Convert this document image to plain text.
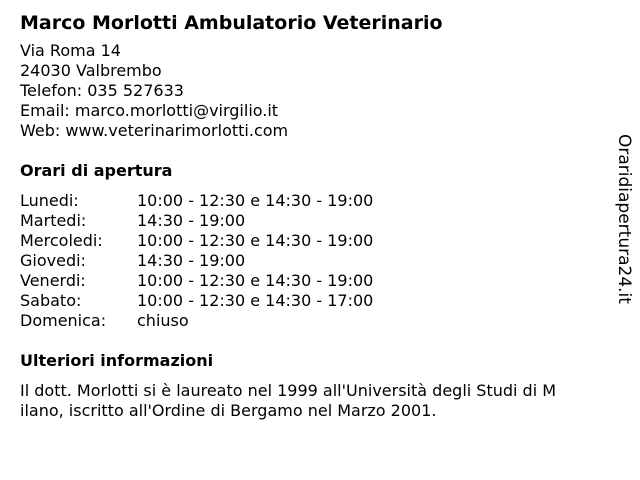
Marco Morlotti Ambulatorio Veterinario
Via Roma 14
24030 Valbrembo
Telefon: 035 527633
Email: marco.morlotti@virgilio.it
Web: www.veterinarimorlotti.com
Orari di apertura
Lunedi:	10:00 - 12:30 e 14:30 - 19:00
Martedi:	14:30 - 19:00
Mercoledi:	10:00 - 12:30 e 14:30 - 19:00
Giovedi:	14:30 - 19:00
Venerdi:	10:00 - 12:30 e 14:30 - 19:00
Sabato:	10:00 - 12:30 e 14:30 - 17:00
Domenica:	chiuso
Ulteriori informazioni
Il dott. Morlotti si è laureato nel 1999 all'Università degli Studi di Milano, iscritto all'Ordine di Bergamo nel Marzo 2001.
Oraridiapertura24.it
